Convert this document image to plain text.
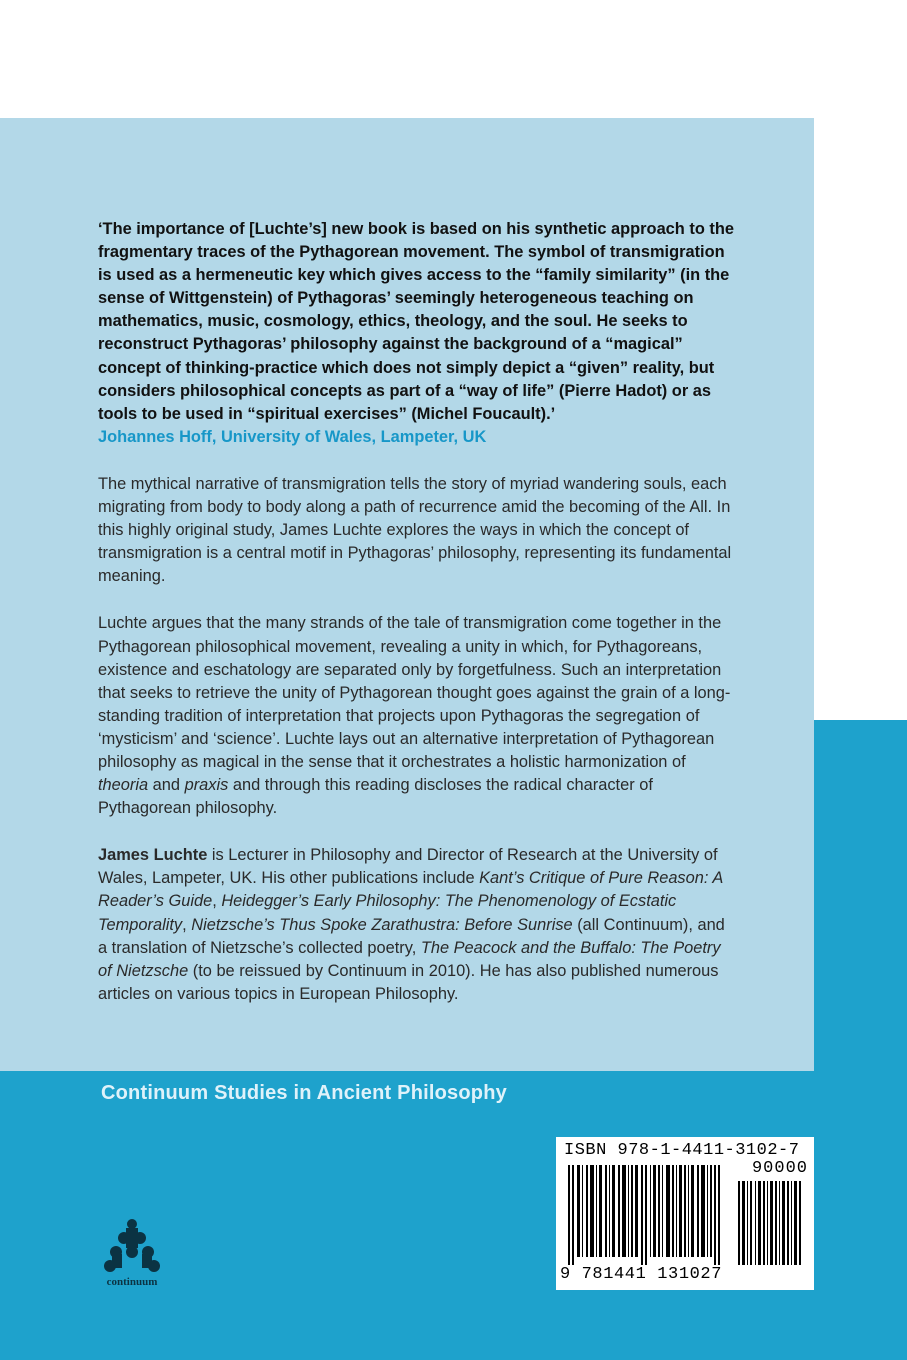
‘The importance of [Luchte’s] new book is based on his synthetic approach to the fragmentary traces of the Pythagorean movement. The symbol of transmigration is used as a hermeneutic key which gives access to the “family similarity” (in the sense of Wittgenstein) of Pythagoras’ seemingly heterogeneous teaching on mathematics, music, cosmology, ethics, theology, and the soul. He seeks to reconstruct Pythagoras’ philosophy against the background of a “magical” concept of thinking-practice which does not simply depict a “given” reality, but considers philosophical concepts as part of a “way of life” (Pierre Hadot) or as tools to be used in “spiritual exercises” (Michel Foucault).’
Johannes Hoff, University of Wales, Lampeter, UK

The mythical narrative of transmigration tells the story of myriad wandering souls, each migrating from body to body along a path of recurrence amid the becoming of the All. In this highly original study, James Luchte explores the ways in which the concept of transmigration is a central motif in Pythagoras’ philosophy, representing its fundamental meaning.

Luchte argues that the many strands of the tale of transmigration come together in the Pythagorean philosophical movement, revealing a unity in which, for Pythagoreans, existence and eschatology are separated only by forgetfulness. Such an interpretation that seeks to retrieve the unity of Pythagorean thought goes against the grain of a long-standing tradition of interpretation that projects upon Pythagoras the segregation of ‘mysticism’ and ‘science’. Luchte lays out an alternative interpretation of Pythagorean philosophy as magical in the sense that it orchestrates a holistic harmonization of theoria and praxis and through this reading discloses the radical character of Pythagorean philosophy.

James Luchte is Lecturer in Philosophy and Director of Research at the University of Wales, Lampeter, UK. His other publications include Kant’s Critique of Pure Reason: A Reader’s Guide, Heidegger’s Early Philosophy: The Phenomenology of Ecstatic Temporality, Nietzsche’s Thus Spoke Zarathustra: Before Sunrise (all Continuum), and a translation of Nietzsche’s collected poetry, The Peacock and the Buffalo: The Poetry of Nietzsche (to be reissued by Continuum in 2010). He has also published numerous articles on various topics in European Philosophy.

Continuum Studies in Ancient Philosophy
ISBN 978-1-4411-3102-7
90000
9 781441 131027
continuum
